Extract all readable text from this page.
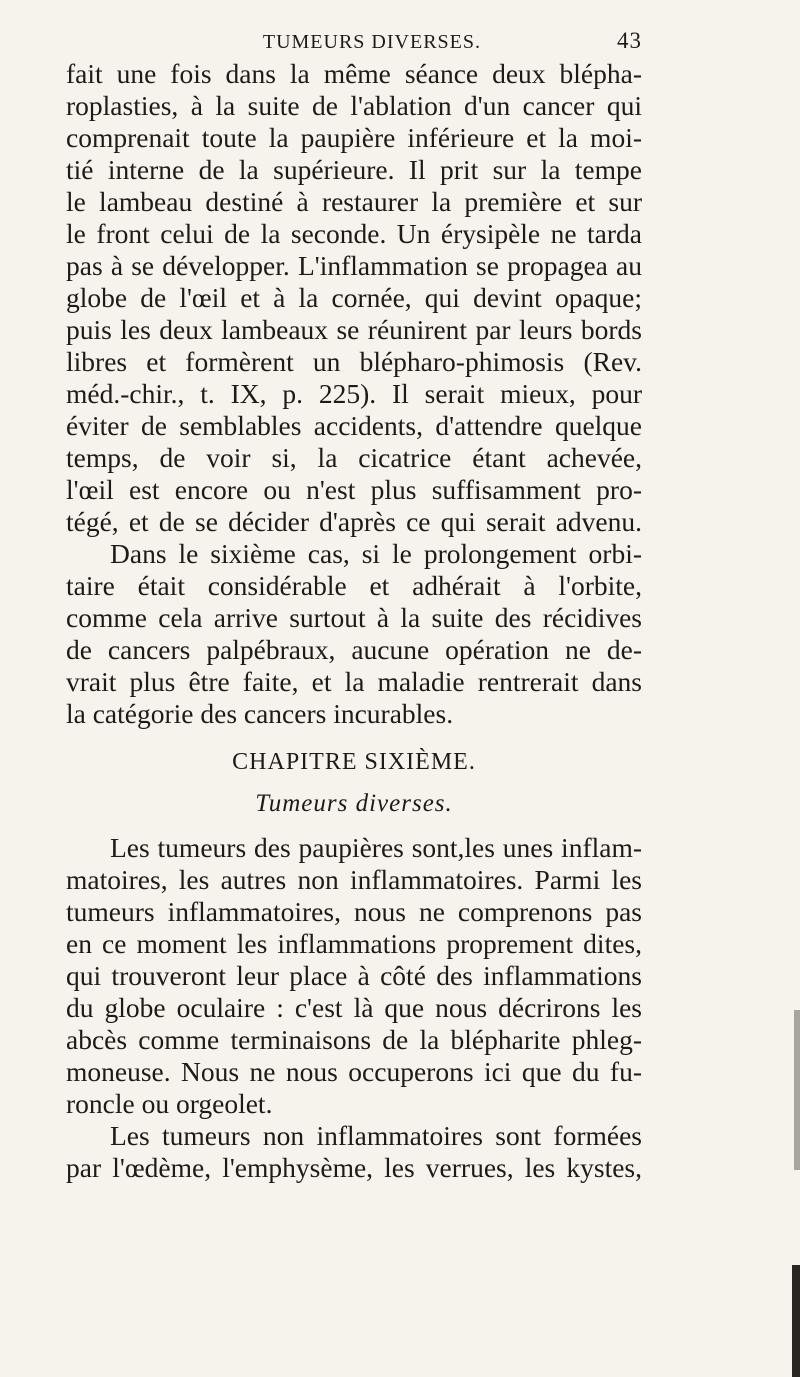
TUMEURS DIVERSES.	43
fait une fois dans la même séance deux blépha-
roplasties, à la suite de l'ablation d'un cancer qui
comprenait toute la paupière inférieure et la moi-
tié interne de la supérieure. Il prit sur la tempe
le lambeau destiné à restaurer la première et sur
le front celui de la seconde. Un érysipèle ne tarda
pas à se développer. L'inflammation se propagea au
globe de l'œil et à la cornée, qui devint opaque;
puis les deux lambeaux se réunirent par leurs bords
libres et formèrent un blépharo-phimosis (Rev.
méd.-chir., t. IX, p. 225). Il serait mieux, pour
éviter de semblables accidents, d'attendre quelque
temps, de voir si, la cicatrice étant achevée,
l'œil est encore ou n'est plus suffisamment pro-
tégé, et de se décider d'après ce qui serait advenu.
Dans le sixième cas, si le prolongement orbi-
taire était considérable et adhérait à l'orbite,
comme cela arrive surtout à la suite des récidives
de cancers palpébraux, aucune opération ne de-
vrait plus être faite, et la maladie rentrerait dans
la catégorie des cancers incurables.
CHAPITRE SIXIÈME.
Tumeurs diverses.
Les tumeurs des paupières sont,les unes inflam-
matoires, les autres non inflammatoires. Parmi les
tumeurs inflammatoires, nous ne comprenons pas
en ce moment les inflammations proprement dites,
qui trouveront leur place à côté des inflammations
du globe oculaire : c'est là que nous décrirons les
abcès comme terminaisons de la blépharite phleg-
moneuse. Nous ne nous occuperons ici que du fu-
roncle ou orgeolet.
Les tumeurs non inflammatoires sont formées
par l'œdème, l'emphysème, les verrues, les kystes,
